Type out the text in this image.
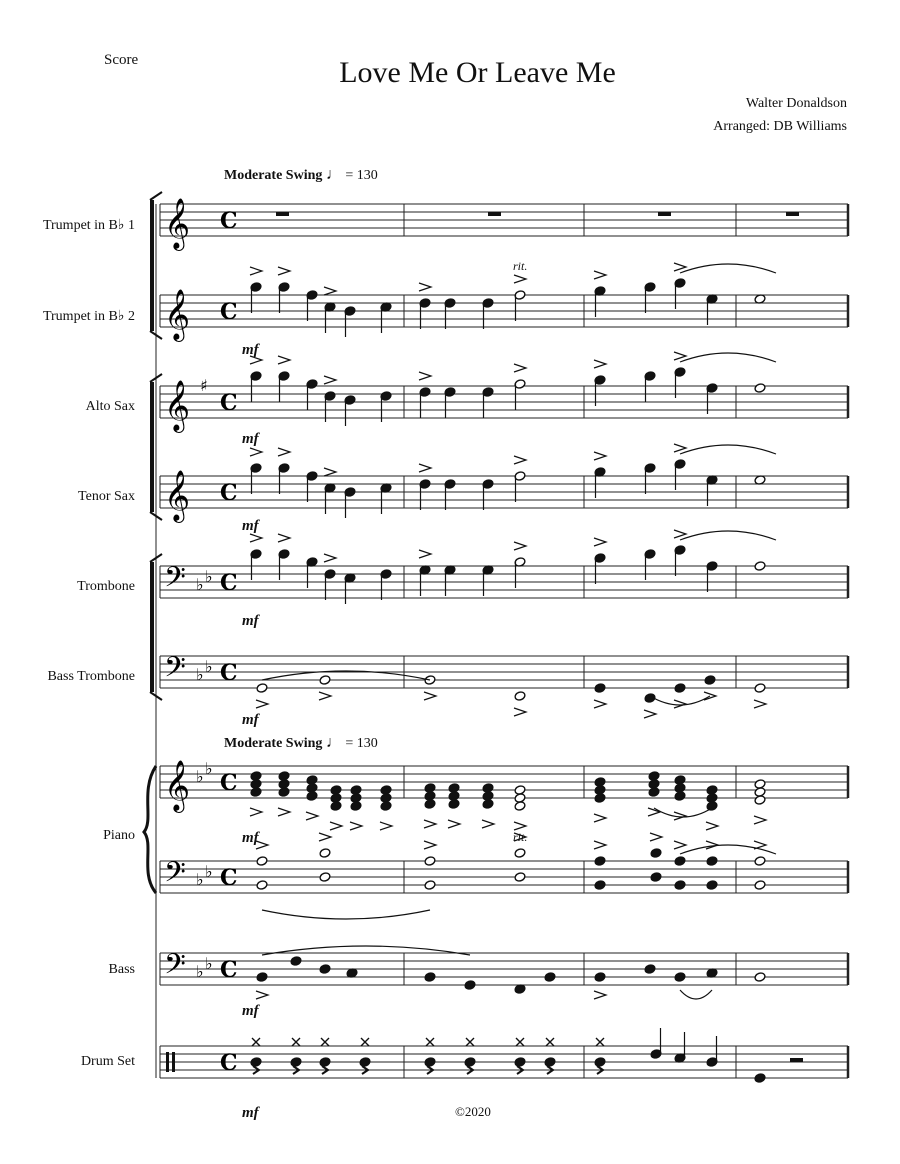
Score	Love Me Or Leave Me
Walter Donaldson
Arranged: DB Williams
Moderate Swing ♩ = 130
Moderate Swing ♩ = 130
Trumpet in B♭ 1
Trumpet in B♭ 2
Alto Sax
Tenor Sax
Trombone
Bass Trombone
Piano
Bass
Drum Set
mf
mf
mf
mf
mf
mf
mf
mf
rit.
rit.
©2020
𝄞 C
𝄞 C
𝄞 ♯
C
𝄞 C
𝄢 ♭ ♭ C
𝄢 ♭ ♭ C
𝄞 ♭ ♭
C
𝄢 ♭ ♭ C
𝄢 ♭ ♭ C
C
